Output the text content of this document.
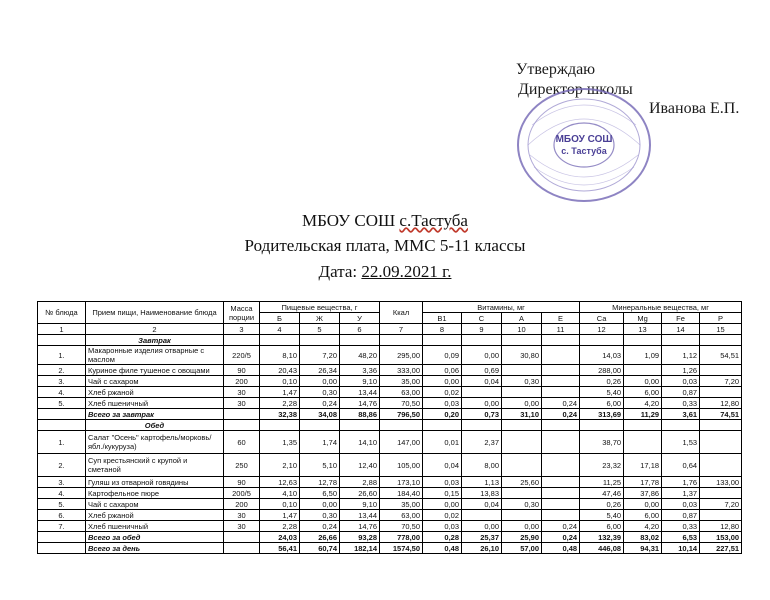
Утверждаю
Директор школы
Иванова Е.П.
МБОУ СОШ
с. Тастуба
МБОУ СОШ с.Тастуба
Родительская плата, ММС 5-11 классы
Дата: 22.09.2021 г.
№ блюда	Прием пищи, Наименование блюда	Масса порции	Пищевые вещества, г			Ккал	Витамины, мг				Минеральные вещества, мг			
			Б	Ж	У		В1	С	А	Е	Са	Mg	Fe	P
1	2	3	4	5	6	7	8	9	10	11	12	13	14	15
	Завтрак													
1.	Макаронные изделия отварные с маслом	220/5	8,10	7,20	48,20	295,00	0,09	0,00	30,80		14,03	1,09	1,12	54,51
2.	Куриное филе тушеное с овощами	90	20,43	26,34	3,36	333,00	0,06	0,69			288,00		1,26	
3.	Чай с сахаром	200	0,10	0,00	9,10	35,00	0,00	0,04	0,30		0,26	0,00	0,03	7,20
4.	Хлеб ржаной	30	1,47	0,30	13,44	63,00	0,02				5,40	6,00	0,87	
5.	Хлеб пшеничный	30	2,28	0,24	14,76	70,50	0,03	0,00	0,00	0,24	6,00	4,20	0,33	12,80
	Всего за завтрак		32,38	34,08	88,86	796,50	0,20	0,73	31,10	0,24	313,69	11,29	3,61	74,51
	Обед													
1.	Салат "Осень" картофель/морковь/ябл./кукуруза)	60	1,35	1,74	14,10	147,00	0,01	2,37			38,70		1,53	
2.	Суп крестьянский с крупой и сметаной	250	2,10	5,10	12,40	105,00	0,04	8,00			23,32	17,18	0,64	
3.	Гуляш из отварной говядины	90	12,63	12,78	2,88	173,10	0,03	1,13	25,60		11,25	17,78	1,76	133,00
4.	Картофельное пюре	200/5	4,10	6,50	26,60	184,40	0,15	13,83			47,46	37,86	1,37	
5.	Чай с сахаром	200	0,10	0,00	9,10	35,00	0,00	0,04	0,30		0,26	0,00	0,03	7,20
6.	Хлеб ржаной	30	1,47	0,30	13,44	63,00	0,02				5,40	6,00	0,87	
7.	Хлеб пшеничный	30	2,28	0,24	14,76	70,50	0,03	0,00	0,00	0,24	6,00	4,20	0,33	12,80
	Всего за обед		24,03	26,66	93,28	778,00	0,28	25,37	25,90	0,24	132,39	83,02	6,53	153,00
	Всего за день		56,41	60,74	182,14	1574,50	0,48	26,10	57,00	0,48	446,08	94,31	10,14	227,51
